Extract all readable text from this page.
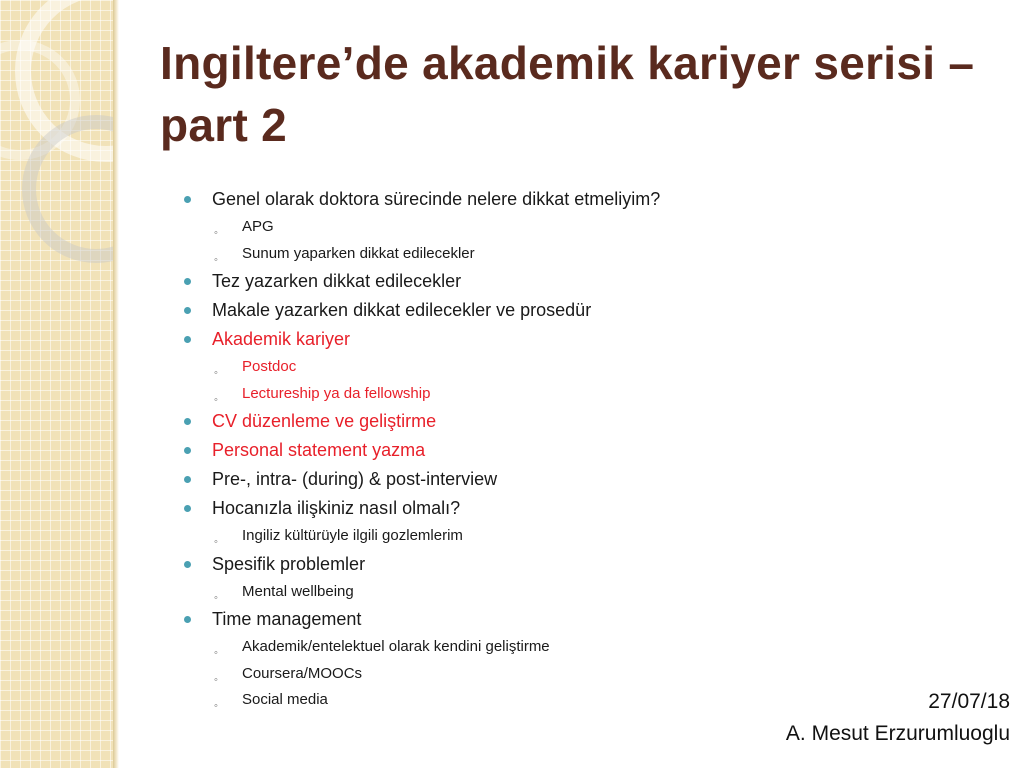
Ingiltere’de akademik kariyer serisi – part 2
Genel olarak doktora sürecinde nelere dikkat etmeliyim?
◦ APG
◦ Sunum yaparken dikkat edilecekler
Tez yazarken dikkat edilecekler
Makale yazarken dikkat edilecekler ve prosedür
Akademik kariyer
◦ Postdoc
◦ Lectureship ya da fellowship
CV düzenleme ve geliştirme
Personal statement yazma
Pre-, intra- (during) & post-interview
Hocanızla ilişkiniz nasıl olmalı?
◦ Ingiliz kültürüyle ilgili gozlemlerim
Spesifik problemler
◦ Mental wellbeing
Time management
◦ Akademik/entelektuel olarak kendini geliştirme
◦ Coursera/MOOCs
◦ Social media	27/07/18
A. Mesut Erzurumluoglu
